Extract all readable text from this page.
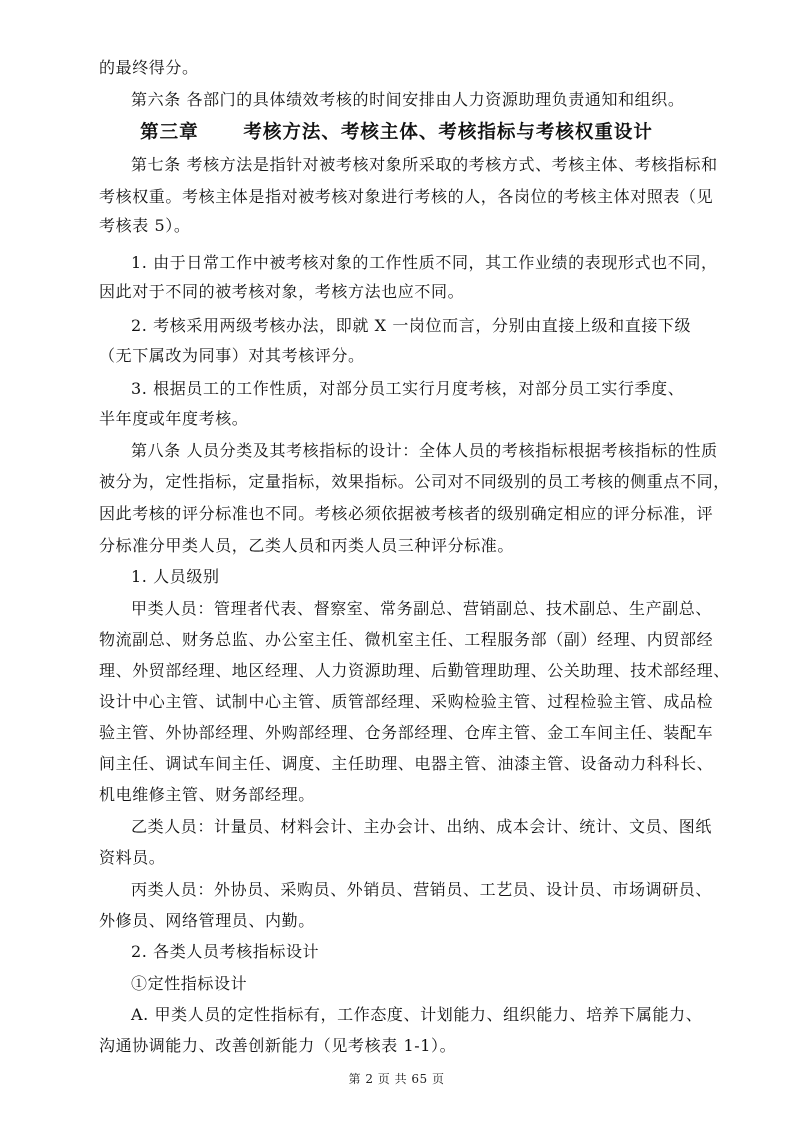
的最终得分。
第六条 各部门的具体绩效考核的时间安排由人力资源助理负责通知和组织。
第三章      考核方法、考核主体、考核指标与考核权重设计
第七条 考核方法是指针对被考核对象所采取的考核方式、考核主体、考核指标和
考核权重。考核主体是指对被考核对象进行考核的人，各岗位的考核主体对照表（见
考核表 5）。
1. 由于日常工作中被考核对象的工作性质不同，其工作业绩的表现形式也不同，
因此对于不同的被考核对象，考核方法也应不同。
2. 考核采用两级考核办法，即就 X 一岗位而言，分别由直接上级和直接下级
（无下属改为同事）对其考核评分。
3. 根据员工的工作性质，对部分员工实行月度考核，对部分员工实行季度、
半年度或年度考核。
第八条 人员分类及其考核指标的设计：全体人员的考核指标根据考核指标的性质
被分为，定性指标，定量指标，效果指标。公司对不同级别的员工考核的侧重点不同，
因此考核的评分标准也不同。考核必须依据被考核者的级别确定相应的评分标准，评
分标准分甲类人员，乙类人员和丙类人员三种评分标准。
1. 人员级别
甲类人员：管理者代表、督察室、常务副总、营销副总、技术副总、生产副总、
物流副总、财务总监、办公室主任、微机室主任、工程服务部（副）经理、内贸部经
理、外贸部经理、地区经理、人力资源助理、后勤管理助理、公关助理、技术部经理、
设计中心主管、试制中心主管、质管部经理、采购检验主管、过程检验主管、成品检
验主管、外协部经理、外购部经理、仓务部经理、仓库主管、金工车间主任、装配车
间主任、调试车间主任、调度、主任助理、电器主管、油漆主管、设备动力科科长、
机电维修主管、财务部经理。
乙类人员：计量员、材料会计、主办会计、出纳、成本会计、统计、文员、图纸
资料员。
丙类人员：外协员、采购员、外销员、营销员、工艺员、设计员、市场调研员、
外修员、网络管理员、内勤。
2. 各类人员考核指标设计
①定性指标设计
A. 甲类人员的定性指标有，工作态度、计划能力、组织能力、培养下属能力、
沟通协调能力、改善创新能力（见考核表 1-1）。
第 2 页 共 65 页
